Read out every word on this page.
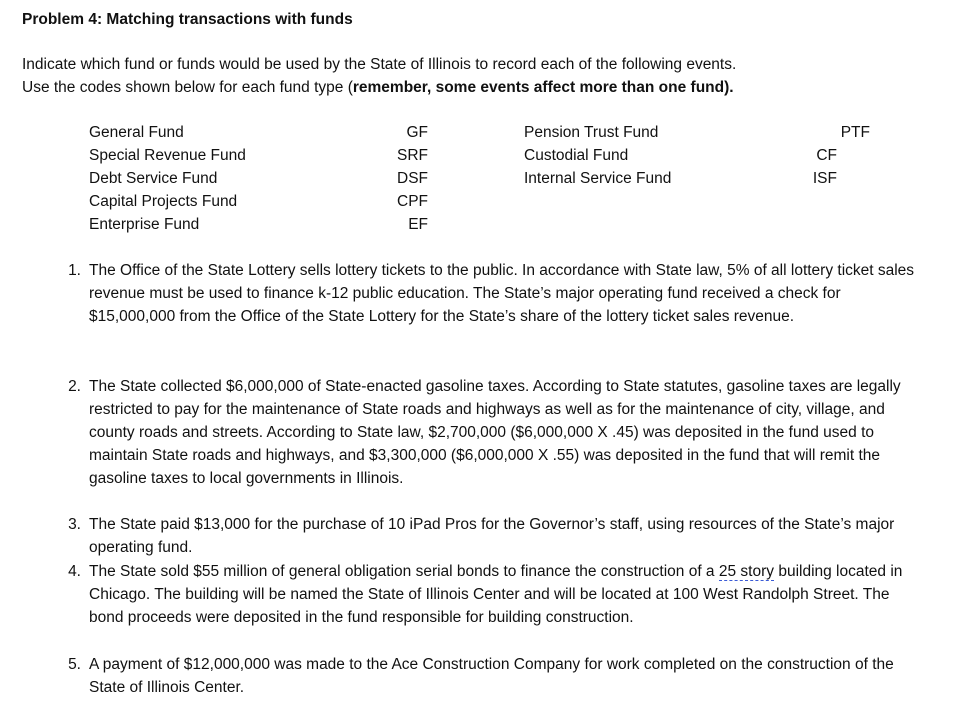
Problem 4: Matching transactions with funds

Indicate which fund or funds would be used by the State of Illinois to record each of the following events.

Use the codes shown below for each fund type (remember, some events affect more than one fund).

General Fund
Special Revenue Fund
Debt Service Fund
Capital Projects Fund
Enterprise Fund
GF
SRF
DSF
CPF
EF
Pension Trust Fund
Custodial Fund
Internal Service Fund
PTF
CF
ISF
1. The Office of the State Lottery sells lottery tickets to the public. In accordance with State law, 5% of all lottery ticket sales revenue must be used to finance k-12 public education. The State’s major operating fund received a check for $15,000,000 from the Office of the State Lottery for the State’s share of the lottery ticket sales revenue.
2. The State collected $6,000,000 of State-enacted gasoline taxes. According to State statutes, gasoline taxes are legally restricted to pay for the maintenance of State roads and highways as well as for the maintenance of city, village, and county roads and streets. According to State law, $2,700,000 ($6,000,000 X .45) was deposited in the fund used to maintain State roads and highways, and $3,300,000 ($6,000,000 X .55) was deposited in the fund that will remit the gasoline taxes to local governments in Illinois.
3. The State paid $13,000 for the purchase of 10 iPad Pros for the Governor’s staff, using resources of the State’s major operating fund.
4. The State sold $55 million of general obligation serial bonds to finance the construction of a 25 story building located in Chicago. The building will be named the State of Illinois Center and will be located at 100 West Randolph Street. The bond proceeds were deposited in the fund responsible for building construction.
5. A payment of $12,000,000 was made to the Ace Construction Company for work completed on the construction of the State of Illinois Center.
